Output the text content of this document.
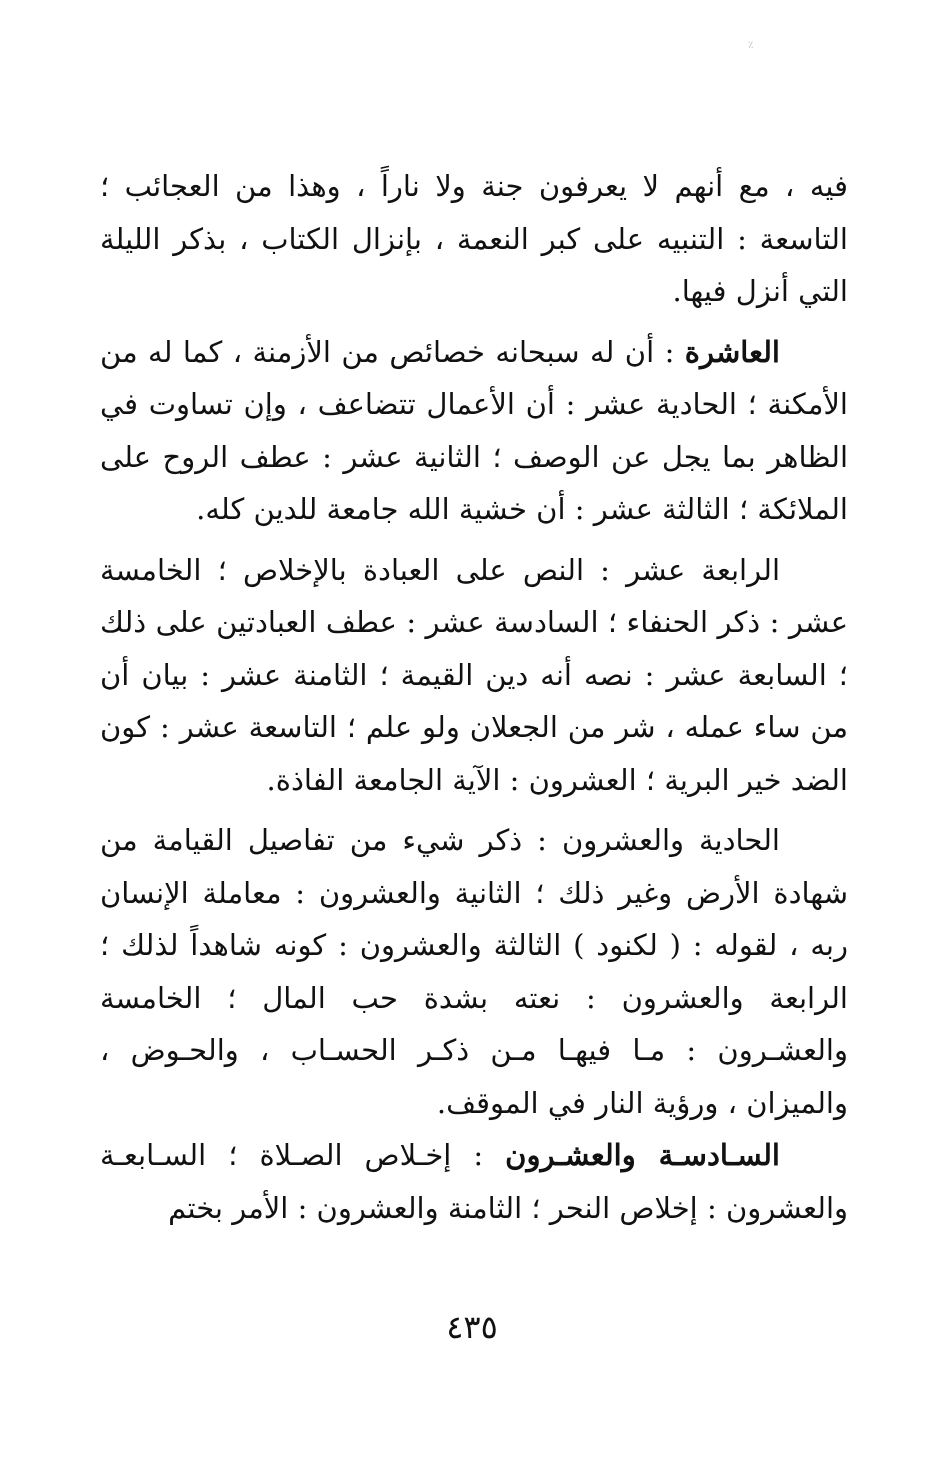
٪

فيه ، مع أنهم لا يعرفون جنة ولا ناراً ، وهذا من العجائب ؛ التاسعة : التنبيه على كبر النعمة ، بإنزال الكتاب ، بذكر الليلة التي أنزل فيها.

العاشرة : أن له سبحانه خصائص من الأزمنة ، كما له من الأمكنة ؛ الحادية عشر : أن الأعمال تتضاعف ، وإن تساوت في الظاهر بما يجل عن الوصف ؛ الثانية عشر : عطف الروح على الملائكة ؛ الثالثة عشر : أن خشية الله جامعة للدين كله.

الرابعة عشر : النص على العبادة بالإخلاص ؛ الخامسة عشر : ذكر الحنفاء ؛ السادسة عشر : عطف العبادتين على ذلك ؛ السابعة عشر : نصه أنه دين القيمة ؛ الثامنة عشر : بيان أن من ساء عمله ، شر من الجعلان ولو علم ؛ التاسعة عشر : كون الضد خير البرية ؛ العشرون : الآية الجامعة الفاذة.

الحادية والعشرون : ذكر شيء من تفاصيل القيامة من شهادة الأرض وغير ذلك ؛ الثانية والعشرون : معاملة الإنسان ربه ، لقوله : ( لكنود ) الثالثة والعشرون : كونه شاهداً لذلك ؛ الرابعة والعشرون : نعته بشدة حب المال ؛ الخامسة والعشـرون : مـا فيهـا مـن ذكـر الحسـاب ، والحـوض ، والميزان ، ورؤية النار في الموقف.

السـادسـة والعشـرون : إخـلاص الصـلاة ؛ السـابعـة والعشرون : إخلاص النحر ؛ الثامنة والعشرون : الأمر بختم

٤٣٥
